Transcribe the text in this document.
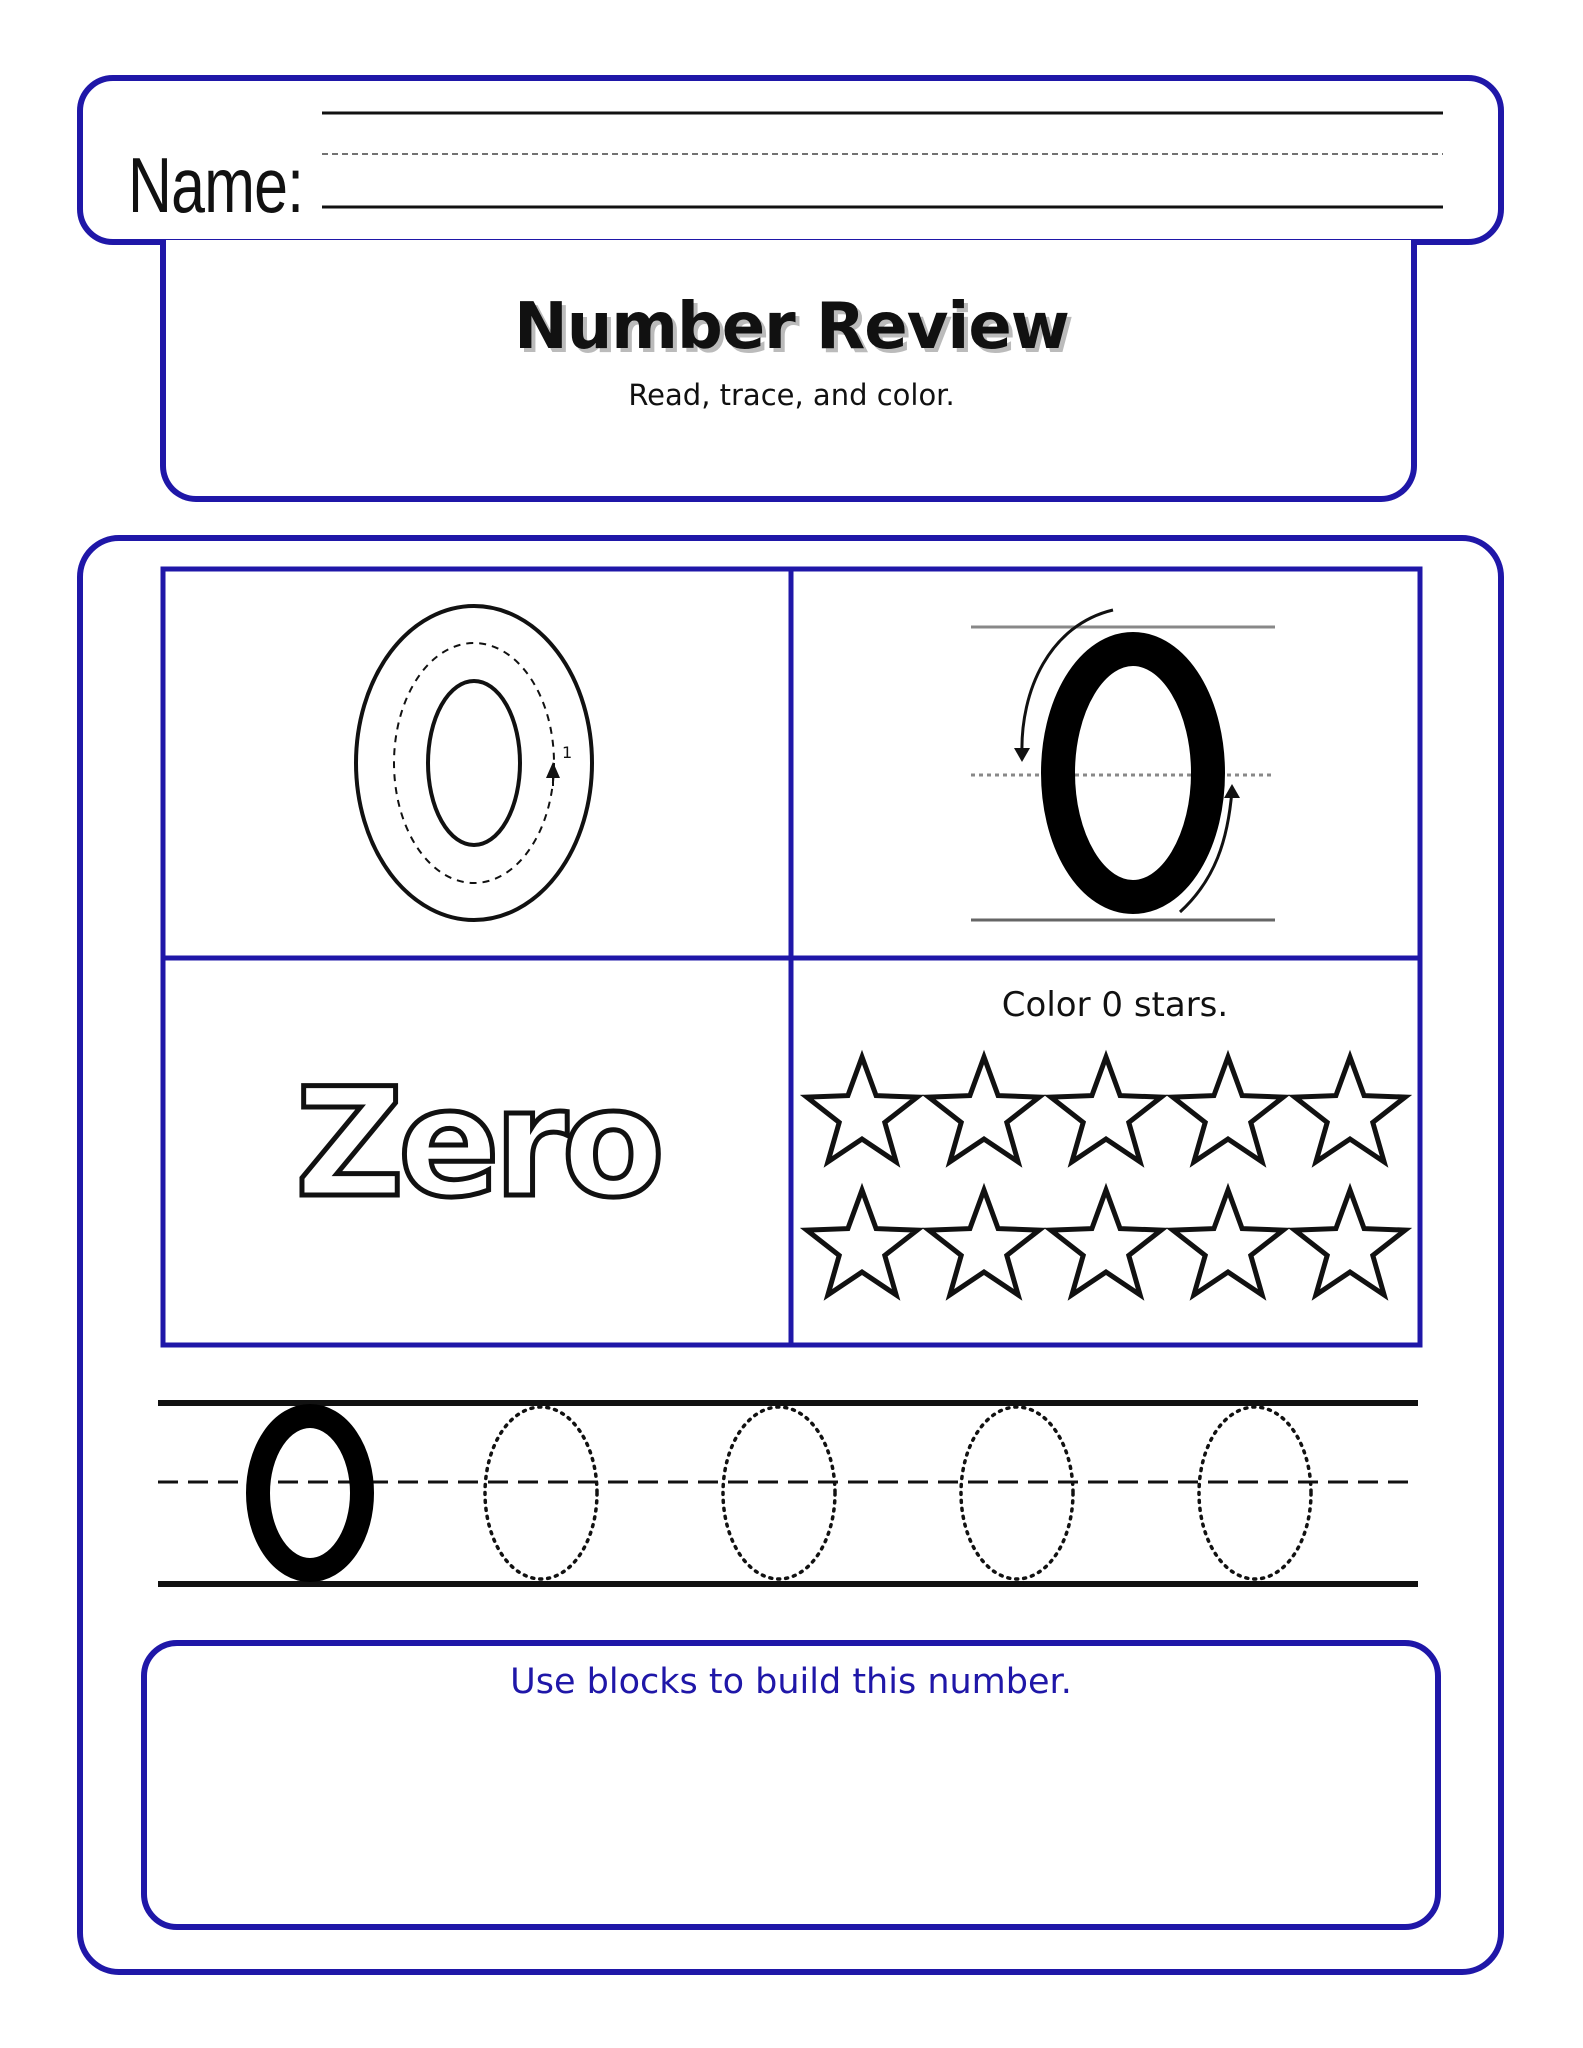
Zero
Name:
Number Review
Read, trace, and color.
Color 0 stars.
Use blocks to build this number.
1
